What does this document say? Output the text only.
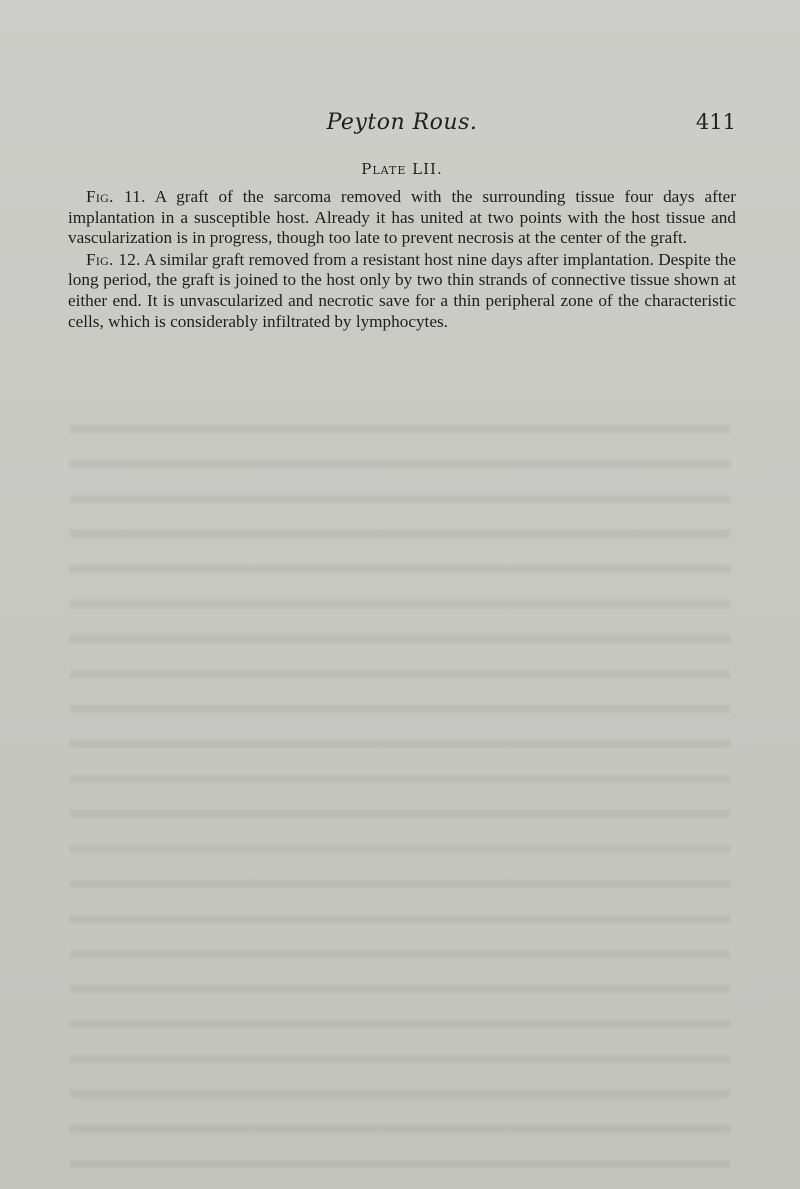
Peyton Rous.	411
Plate LII.

Fig. 11. A graft of the sarcoma removed with the surrounding tissue four days after implantation in a susceptible host. Already it has united at two points with the host tissue and vascularization is in progress, though too late to prevent necrosis at the center of the graft.

Fig. 12. A similar graft removed from a resistant host nine days after implantation. Despite the long period, the graft is joined to the host only by two thin strands of connective tissue shown at either end. It is unvascularized and necrotic save for a thin peripheral zone of the characteristic cells, which is considerably infiltrated by lymphocytes.
